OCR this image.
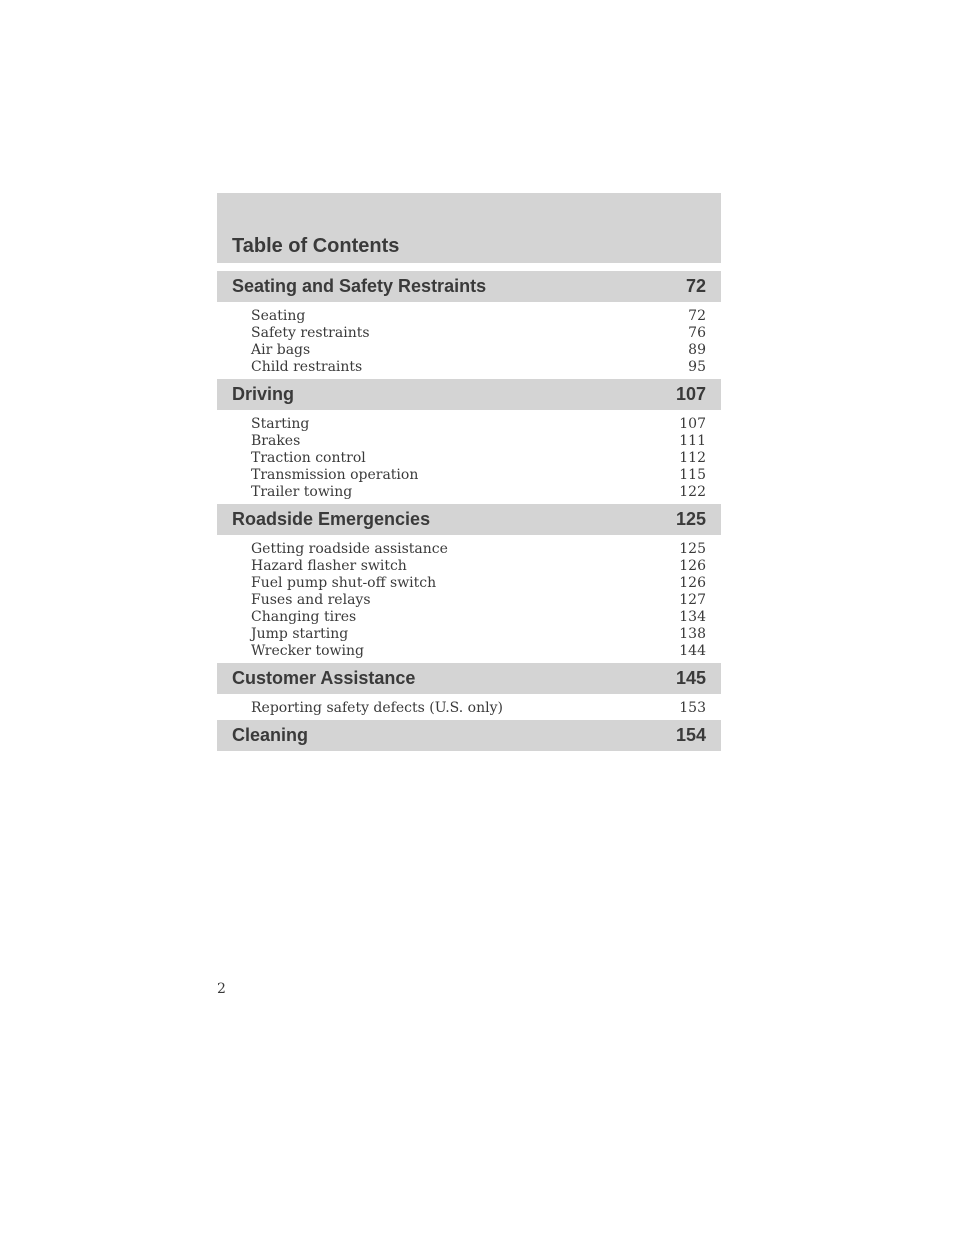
Table of Contents
Seating and Safety Restraints	72
Seating	72
Safety restraints	76
Air bags	89
Child restraints	95
Driving	107
Starting	107
Brakes	111
Traction control	112
Transmission operation	115
Trailer towing	122
Roadside Emergencies	125
Getting roadside assistance	125
Hazard flasher switch	126
Fuel pump shut-off switch	126
Fuses and relays	127
Changing tires	134
Jump starting	138
Wrecker towing	144
Customer Assistance	145
Reporting safety defects (U.S. only)	153
Cleaning	154
2
